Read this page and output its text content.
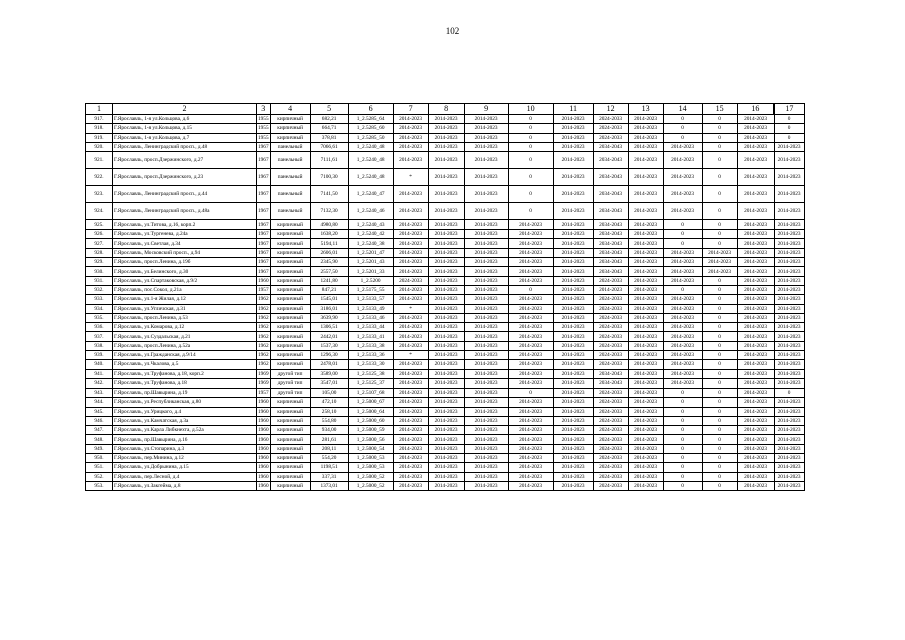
102
1	2	3	4	5	6	7	8	9	10	11	12	13	14	15	16	17
917.	Г.Ярославль, 1-я ул.Кольцова, д.6	1955	кирпичный	682,21	1_2.5285_64	2014-2023	2014-2023	2014-2023	0	2014-2023	2024-2033	2014-2023	0	0	2014-2023	0
918.	Г.Ярославль, 1-я ул.Кольцова, д.15	1955	кирпичный	664,71	1_2.5285_60	2014-2023	2014-2023	2014-2023	0	2014-2023	2024-2033	2014-2023	0	0	2014-2023	0
919.	Г.Ярославль, 1-я ул.Кольцова, д.7	1955	кирпичный	378,81	1_2.5285_50	2014-2023	2014-2023	2014-2023	0	2014-2023	2024-2033	2014-2023	0	0	2014-2023	0
920.	Г.Ярославль, Ленинградский просп., д.48	1967	панельный	7066,61	1_2.5240_48	2014-2023	2014-2023	2014-2023	0	2014-2023	2034-2043	2014-2023	2014-2023	0	2014-2023	2014-2023
921.	Г.Ярославль, просп.Дзержинского, д.27	1967	панельный	7111,61	1_2.5240_48	2014-2023	2014-2023	2014-2023	0	2014-2023	2034-2043	2014-2023	2014-2023	0	2014-2023	2014-2023
922.	Г.Ярославль, просп.Дзержинского, д.23	1967	панельный	7100,30	1_2.5240_48	*	2014-2023	2014-2023	0	2014-2023	2034-2043	2014-2023	2014-2023	0	2014-2023	2014-2023
923.	Г.Ярославль, Ленинградский просп., д.44	1967	панельный	7141,50	1_2.5240_47	2014-2023	2014-2023	2014-2023	0	2014-2023	2034-2043	2014-2023	2014-2023	0	2014-2023	2014-2023
924.	Г.Ярославль, Ленинградский просп., д.48а	1967	панельный	7132,30	1_2.5240_46	2014-2023	2014-2023	2014-2023	0	2014-2023	2034-2043	2014-2023	2014-2023	0	2014-2023	2014-2023
925.	Г.Ярославль, ул.Титова, д.16, корп.2	1967	кирпичный	4980,80	1_2.5240_43	2014-2023	2014-2023	2014-2023	2014-2023	2014-2023	2034-2043	2014-2023	0	0	2014-2023	2014-2023
926.	Г.Ярославль, ул.Тургенева, д.24а	1967	кирпичный	1638,20	1_2.5240_42	2014-2023	2014-2023	2014-2023	2014-2023	2014-2023	2034-2043	2014-2023	0	0	2014-2023	2014-2023
927.	Г.Ярославль, ул.Светлая, д.34	1967	кирпичный	5194,11	1_2.5240_38	2014-2023	2014-2023	2014-2023	2014-2023	2014-2023	2034-2043	2014-2023	0	0	2014-2023	2014-2023
928.	Г.Ярославль, Московский просп., д.94	1967	кирпичный	2606,01	1_2.5201_47	2014-2023	2014-2023	2014-2023	2014-2023	2014-2023	2034-2043	2014-2023	2014-2023	2014-2023	2014-2023	2014-2023
929.	Г.Ярославль, просп.Ленина, д.19б	1967	кирпичный	2345,90	1_2.5201_43	2014-2023	2014-2023	2014-2023	2014-2023	2014-2023	2034-2043	2014-2023	2014-2023	2014-2023	2014-2023	2014-2023
930.	Г.Ярославль, ул.Белинского, д.30	1967	кирпичный	2557,50	1_2.5201_33	2014-2023	2014-2023	2014-2023	2014-2023	2014-2023	2034-2043	2014-2023	2014-2023	2014-2023	2014-2023	2014-2023
931.	Г.Ярославль, ул.Спартаковская, д.9/2	1960	кирпичный	1241,80	1_2.5200	2024-2033	2014-2023	2014-2023	2014-2023	2014-2023	2024-2033	2014-2023	2014-2023	0	2014-2023	2014-2023
932.	Г.Ярославль, пос.Сокол, д.21а	1957	кирпичный	847,21	1_2.5175_55	2014-2023	2014-2023	2014-2023	0	2014-2023	2014-2023	2014-2023	0	0	2014-2023	2014-2023
933.	Г.Ярославль, ул.1-я Жилая, д.12	1962	кирпичный	1545,01	1_2.5133_57	2014-2023	2014-2023	2014-2023	2014-2023	2014-2023	2024-2033	2014-2023	2014-2023	0	2014-2023	2014-2023
934.	Г.Ярославль, ул.Угличская, д.31	1962	кирпичный	3186,01	1_2.5133_49	*	2014-2023	2014-2023	2014-2023	2014-2023	2024-2033	2014-2023	2014-2023	0	2014-2023	2014-2023
935.	Г.Ярославль, просп.Ленина, д.53	1962	кирпичный	3639,90	1_2.5133_46	2014-2023	2014-2023	2014-2023	2014-2023	2014-2023	2024-2033	2014-2023	2014-2023	0	2014-2023	2014-2023
936.	Г.Ярославль, ул.Комарова, д.12	1962	кирпичный	1306,51	1_2.5133_44	2014-2023	2014-2023	2014-2023	2014-2023	2014-2023	2024-2033	2014-2023	2014-2023	0	2014-2023	2014-2023
937.	Г.Ярославль, ул.Суздальская, д.21	1962	кирпичный	2442,01	1_2.5133_41	2014-2023	2014-2023	2014-2023	2014-2023	2014-2023	2024-2033	2014-2023	2014-2023	0	2014-2023	2014-2023
938.	Г.Ярославль, просп.Ленина, д.52а	1962	кирпичный	1537,30	1_2.5133_38	2014-2023	2014-2023	2014-2023	2014-2023	2014-2023	2024-2033	2014-2023	2014-2023	0	2014-2023	2014-2023
939.	Г.Ярославль, ул.Гражданская, д.9/14	1962	кирпичный	1296,30	1_2.5133_36	*	2014-2023	2014-2023	2014-2023	2014-2023	2024-2033	2014-2023	2014-2023	0	2014-2023	2014-2023
940.	Г.Ярославль, ул.Чкалова, д.5	1962	кирпичный	2478,01	1_2.5133_30	2014-2023	2014-2023	2014-2023	2014-2023	2014-2023	2024-2033	2014-2023	2014-2023	0	2014-2023	2014-2023
941.	Г.Ярославль, ул.Труфанова, д.18, корп.2	1969	другой тип	3589,00	1_2.5125_38	2014-2023	2014-2023	2014-2023	2014-2023	2014-2023	2034-2043	2014-2023	2014-2023	0	2014-2023	2014-2023
942.	Г.Ярославль, ул.Труфанова, д.18	1969	другой тип	3547,01	1_2.5125_37	2014-2023	2014-2023	2014-2023	2014-2023	2014-2023	2034-2043	2014-2023	2014-2023	0	2014-2023	2014-2023
943.	Г.Ярославль, пр.Шавырина, д.19	1957	другой тип	105,00	1_2.5107_68	2014-2023	2014-2023	2014-2023	0	2014-2023	2024-2033	2014-2023	0	0	2014-2023	0
944.	Г.Ярославль, ул.Республиканская, д.80	1960	кирпичный	472,10	1_2.5000_67	2014-2023	2014-2023	2014-2023	2014-2023	2014-2023	2024-2033	2014-2023	0	0	2014-2023	2014-2023
945.	Г.Ярославль, ул.Урицкого, д.4	1960	кирпичный	258,10	1_2.5000_64	2014-2023	2014-2023	2014-2023	2014-2023	2014-2023	2024-2033	2014-2023	0	0	2014-2023	2014-2023
946.	Г.Ярославль, ул.Камчатская, д.3а	1960	кирпичный	554,80	1_2.5000_60	2014-2023	2014-2023	2014-2023	2014-2023	2014-2023	2024-2033	2014-2023	0	0	2014-2023	2014-2023
947.	Г.Ярославль, ул.Карла Либкнехта, д.52а	1960	кирпичный	934,00	1_2.5000_59	2014-2023	2014-2023	2014-2023	2014-2023	2014-2023	2024-2033	2014-2023	0	0	2014-2023	2014-2023
948.	Г.Ярославль, пр.Шавырина, д.16	1960	кирпичный	281,61	1_2.5000_56	2014-2023	2014-2023	2014-2023	2014-2023	2014-2023	2024-2033	2014-2023	0	0	2014-2023	2014-2023
949.	Г.Ярославль, ул.Стопарина, д.3	1960	кирпичный	208,11	1_2.5000_54	2014-2023	2014-2023	2014-2023	2014-2023	2014-2023	2024-2033	2014-2023	0	0	2014-2023	2014-2023
950.	Г.Ярославль, пер.Минина, д.12	1960	кирпичный	554,20	1_2.5000_53	2014-2023	2014-2023	2014-2023	2014-2023	2014-2023	2024-2033	2014-2023	0	0	2014-2023	2014-2023
951.	Г.Ярославль, ул.Добрынина, д.15	1960	кирпичный	1198,51	1_2.5000_53	2014-2023	2014-2023	2014-2023	2014-2023	2014-2023	2024-2033	2014-2023	0	0	2014-2023	2014-2023
952.	Г.Ярославль, пер.Лесной, д.4	1960	кирпичный	337,31	1_2.5000_52	2014-2023	2014-2023	2014-2023	2014-2023	2014-2023	2024-2033	2014-2023	0	0	2014-2023	2014-2023
953.	Г.Ярославль, ул.Закгейма, д.8	1960	кирпичный	1373,01	1_2.5000_52	2014-2023	2014-2023	2014-2023	2014-2023	2014-2023	2024-2033	2014-2023	0	0	2014-2023	2014-2023
